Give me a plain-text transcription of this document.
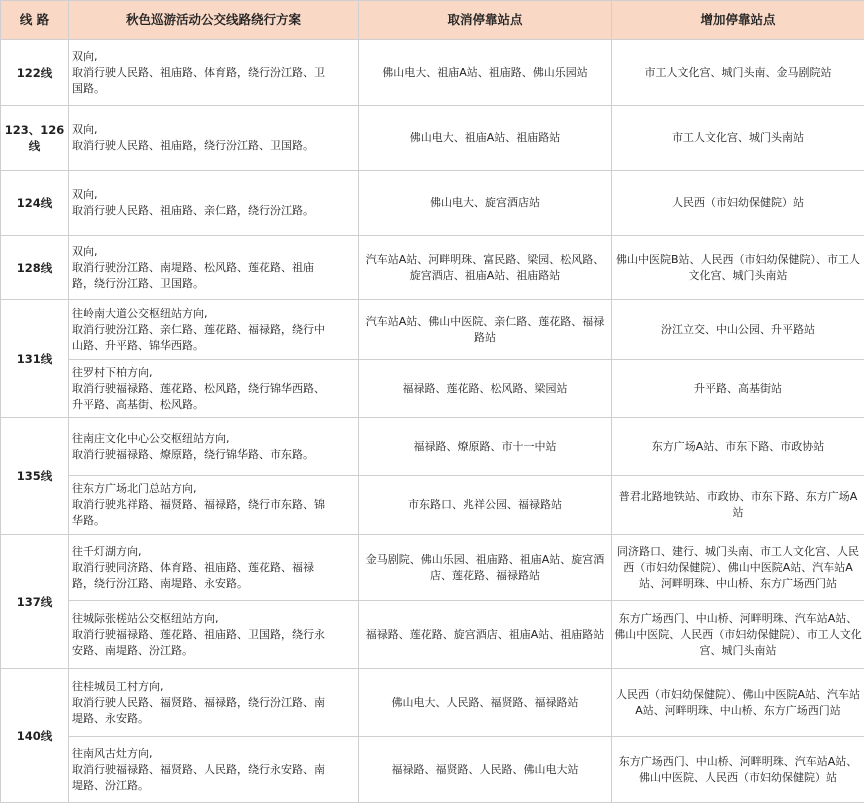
线 路	秋色巡游活动公交线路绕行方案	取消停靠站点	增加停靠站点
122线	双向,
取消行驶人民路、祖庙路、体育路，绕行汾江路、卫
国路。	佛山电大、祖庙A站、祖庙路、佛山乐园站	市工人文化宫、城门头南、金马剧院站
123、126线	双向,
取消行驶人民路、祖庙路，绕行汾江路、卫国路。	佛山电大、祖庙A站、祖庙路站	市工人文化宫、城门头南站
124线	双向,
取消行驶人民路、祖庙路、亲仁路，绕行汾江路。	佛山电大、旋宫酒店站	人民西（市妇幼保健院）站
128线	双向,
取消行驶汾江路、南堤路、松风路、莲花路、祖庙
路，绕行汾江路、卫国路。	汽车站A站、河畔明珠、富民路、梁园、松风路、旋宫酒店、祖庙A站、祖庙路站	佛山中医院B站、人民西（市妇幼保健院）、市工人文化宫、城门头南站
131线	往岭南大道公交枢纽站方向,
取消行驶汾江路、亲仁路、莲花路、福禄路，绕行中
山路、升平路、锦华西路。	汽车站A站、佛山中医院、亲仁路、莲花路、福禄路站	汾江立交、中山公园、升平路站

	往罗村下柏方向,
取消行驶福禄路、莲花路、松风路，绕行锦华西路、
升平路、高基街、松风路。	福禄路、莲花路、松风路、梁园站	升平路、高基街站
135线	往南庄文化中心公交枢纽站方向,
取消行驶福禄路、燎原路，绕行锦华路、市东路。	福禄路、燎原路、市十一中站	东方广场A站、市东下路、市政协站

	往东方广场北门总站方向,
取消行驶兆祥路、福贤路、福禄路，绕行市东路、锦
华路。	市东路口、兆祥公园、福禄路站	普君北路地铁站、市政协、市东下路、东方广场A站
137线	往千灯湖方向,
取消行驶同济路、体育路、祖庙路、莲花路、福禄
路，绕行汾江路、南堤路、永安路。	金马剧院、佛山乐园、祖庙路、祖庙A站、旋宫酒店、莲花路、福禄路站	同济路口、建行、城门头南、市工人文化宫、人民西（市妇幼保健院）、佛山中医院A站、汽车站A站、河畔明珠、中山桥、东方广场西门站

	往城际张槎站公交枢纽站方向,
取消行驶福禄路、莲花路、祖庙路、卫国路，绕行永
安路、南堤路、汾江路。	福禄路、莲花路、旋宫酒店、祖庙A站、祖庙路站	东方广场西门、中山桥、河畔明珠、汽车站A站、佛山中医院、人民西（市妇幼保健院）、市工人文化宫、城门头南站
140线	往桂城员工村方向,
取消行驶人民路、福贤路、福禄路，绕行汾江路、南
堤路、永安路。	佛山电大、人民路、福贤路、福禄路站	人民西（市妇幼保健院）、佛山中医院A站、汽车站A站、河畔明珠、中山桥、东方广场西门站

	往南风古灶方向,
取消行驶福禄路、福贤路、人民路，绕行永安路、南
堤路、汾江路。	福禄路、福贤路、人民路、佛山电大站	东方广场西门、中山桥、河畔明珠、汽车站A站、佛山中医院、人民西（市妇幼保健院）站
